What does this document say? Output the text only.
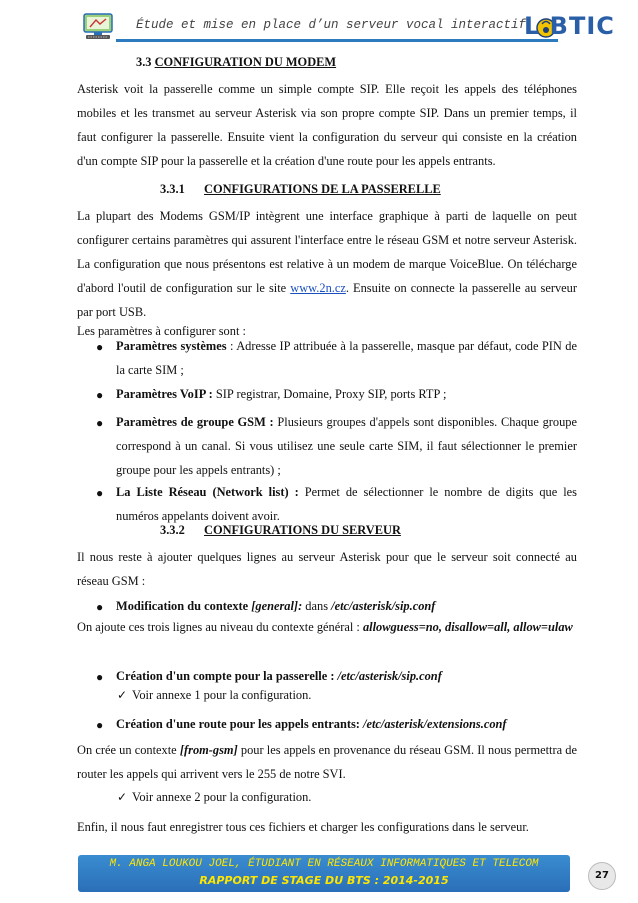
Étude et mise en place d’un serveur vocal interactif
L BTIC
3.3 CONFIGURATION DU MODEM
Asterisk voit la passerelle comme un simple compte SIP. Elle reçoit les appels des téléphones mobiles et les transmet au serveur Asterisk via son propre compte SIP. Dans un premier temps, il faut configurer la passerelle. Ensuite vient la configuration du serveur qui consiste en la création d'un compte SIP pour la passerelle et la création d'une route pour les appels entrants.
3.3.1 CONFIGURATIONS DE LA PASSERELLE
La plupart des Modems GSM/IP intègrent une interface graphique à parti de laquelle on peut configurer certains paramètres qui assurent l'interface entre le réseau GSM et notre serveur Asterisk. La configuration que nous présentons est relative à un modem de marque VoiceBlue. On télécharge d'abord l'outil de configuration sur le site www.2n.cz. Ensuite on connecte la passerelle au serveur par port USB.
Les paramètres à configurer sont :
● Paramètres systèmes : Adresse IP attribuée à la passerelle, masque par défaut, code PIN de la carte SIM ;
● Paramètres VoIP : SIP registrar, Domaine, Proxy SIP, ports RTP ;
● Paramètres de groupe GSM : Plusieurs groupes d'appels sont disponibles. Chaque groupe correspond à un canal. Si vous utilisez une seule carte SIM, il faut sélectionner le premier groupe pour les appels entrants) ;
● La Liste Réseau (Network list) : Permet de sélectionner le nombre de digits que les numéros appelants doivent avoir.
3.3.2 CONFIGURATIONS DU SERVEUR
Il nous reste à ajouter quelques lignes au serveur Asterisk pour que le serveur soit connecté au réseau GSM :
● Modification du contexte [general]: dans /etc/asterisk/sip.conf
On ajoute ces trois lignes au niveau du contexte général : allowguess=no, disallow=all, allow=ulaw
● Création d'un compte pour la passerelle : /etc/asterisk/sip.conf
✓ Voir annexe 1 pour la configuration.
● Création d'une route pour les appels entrants: /etc/asterisk/extensions.conf
On crée un contexte [from-gsm] pour les appels en provenance du réseau GSM. Il nous permettra de router les appels qui arrivent vers le 255 de notre SVI.
✓ Voir annexe 2 pour la configuration.
Enfin, il nous faut enregistrer tous ces fichiers et charger les configurations dans le serveur.
M. ANGA LOUKOU JOEL, ÉTUDIANT EN RÉSEAUX INFORMATIQUES ET TELECOM
RAPPORT DE STAGE DU BTS : 2014-2015	27
